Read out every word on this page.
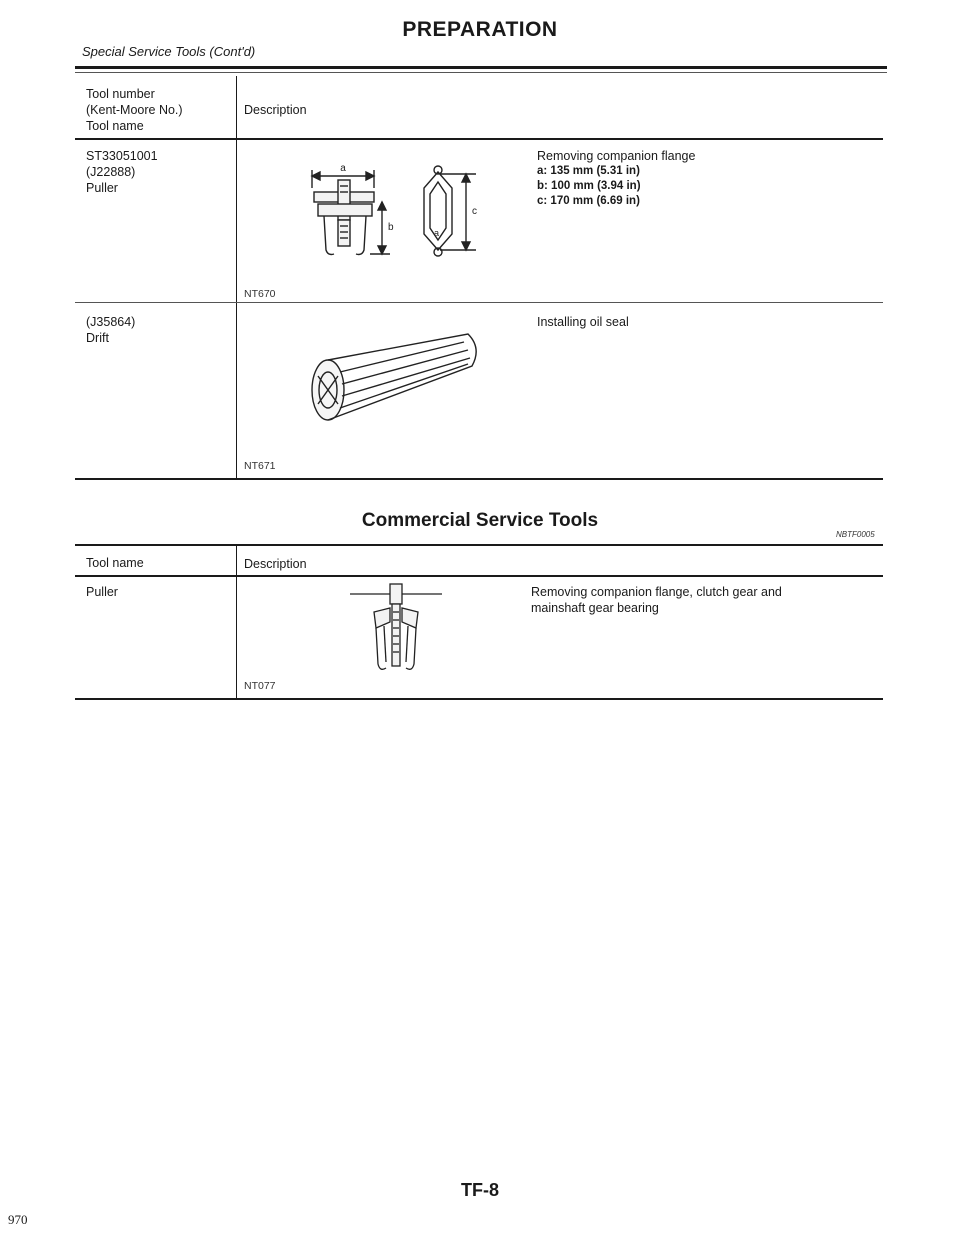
PREPARATION
Special Service Tools (Cont'd)
Tool number
(Kent-Moore No.)
Tool name
Description
ST33051001
(J22888)
Puller
Removing companion flange
a: 135 mm (5.31 in)
b: 100 mm (3.94 in)
c: 170 mm (6.69 in)
a
b
c
a
NT670
(J35864)
Drift
Installing oil seal
NT671
Commercial Service Tools
NBTF0005
Tool name	Description
Puller	Removing companion flange, clutch gear and
mainshaft gear bearing
NT077
TF-8
970
